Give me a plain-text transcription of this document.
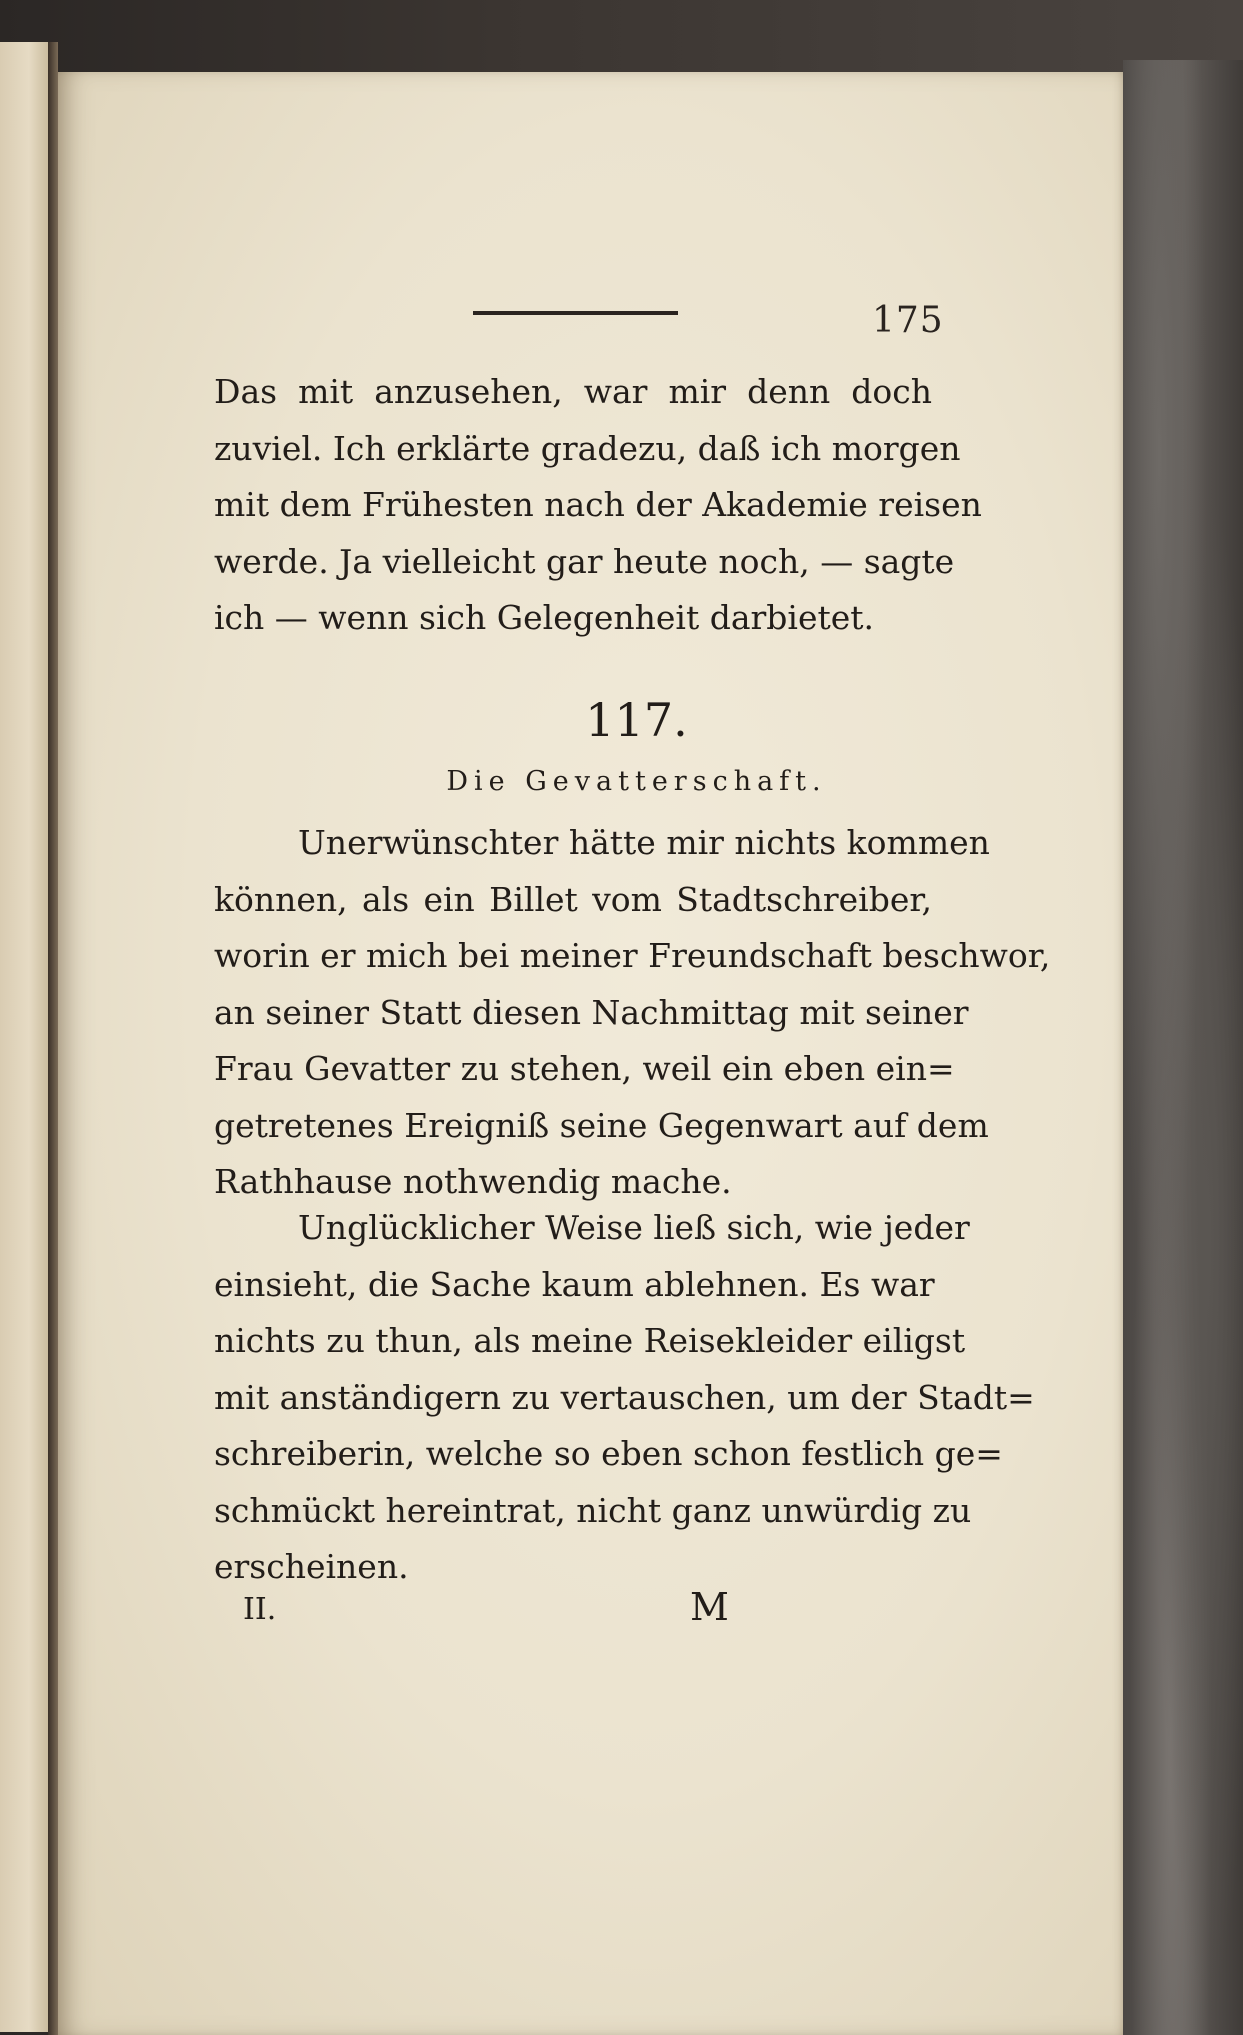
175
Das mit anzusehen, war mir denn doch
zuviel. Ich erklärte gradezu, daß ich morgen
mit dem Frühesten nach der Akademie reisen
werde. Ja vielleicht gar heute noch, — sagte
ich — wenn sich Gelegenheit darbietet.
117.
Die Gevatterschaft.
Unerwünschter hätte mir nichts kommen
können, als ein Billet vom Stadtschreiber,
worin er mich bei meiner Freundschaft beschwor,
an seiner Statt diesen Nachmittag mit seiner
Frau Gevatter zu stehen, weil ein eben ein=
getretenes Ereigniß seine Gegenwart auf dem
Rathhause nothwendig mache.
Unglücklicher Weise ließ sich, wie jeder
einsieht, die Sache kaum ablehnen. Es war
nichts zu thun, als meine Reisekleider eiligst
mit anständigern zu vertauschen, um der Stadt=
schreiberin, welche so eben schon festlich ge=
schmückt hereintrat, nicht ganz unwürdig zu
erscheinen.
II.	M
